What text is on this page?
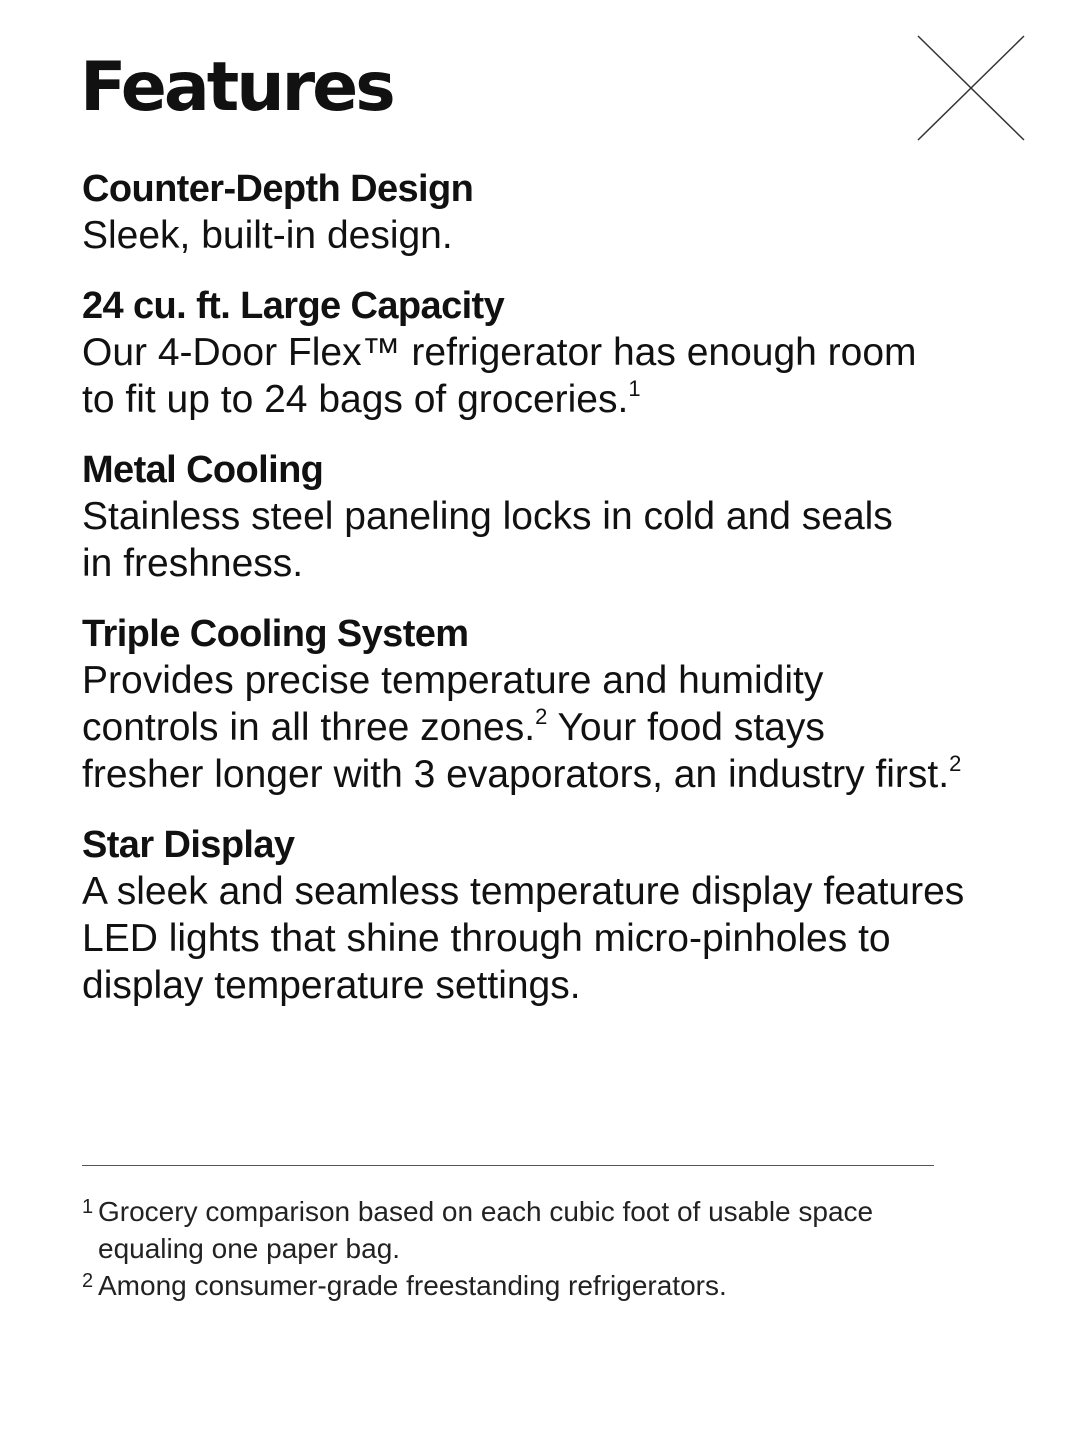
Features
Counter-Depth Design

Sleek, built-in design.

24 cu. ft. Large Capacity

Our 4-Door Flex™ refrigerator has enough room

to fit up to 24 bags of groceries.$^1$

Metal Cooling

Stainless steel paneling locks in cold and seals

in freshness.

Triple Cooling System

Provides precise temperature and humidity

controls in all three zones.$^2$ Your food stays

fresher longer with 3 evaporators, an industry first.$^2$

Star Display

A sleek and seamless temperature display features

LED lights that shine through micro-pinholes to

display temperature settings.

1 Grocery comparison based on each cubic foot of usable space equaling one paper bag.
2 Among consumer-grade freestanding refrigerators.
